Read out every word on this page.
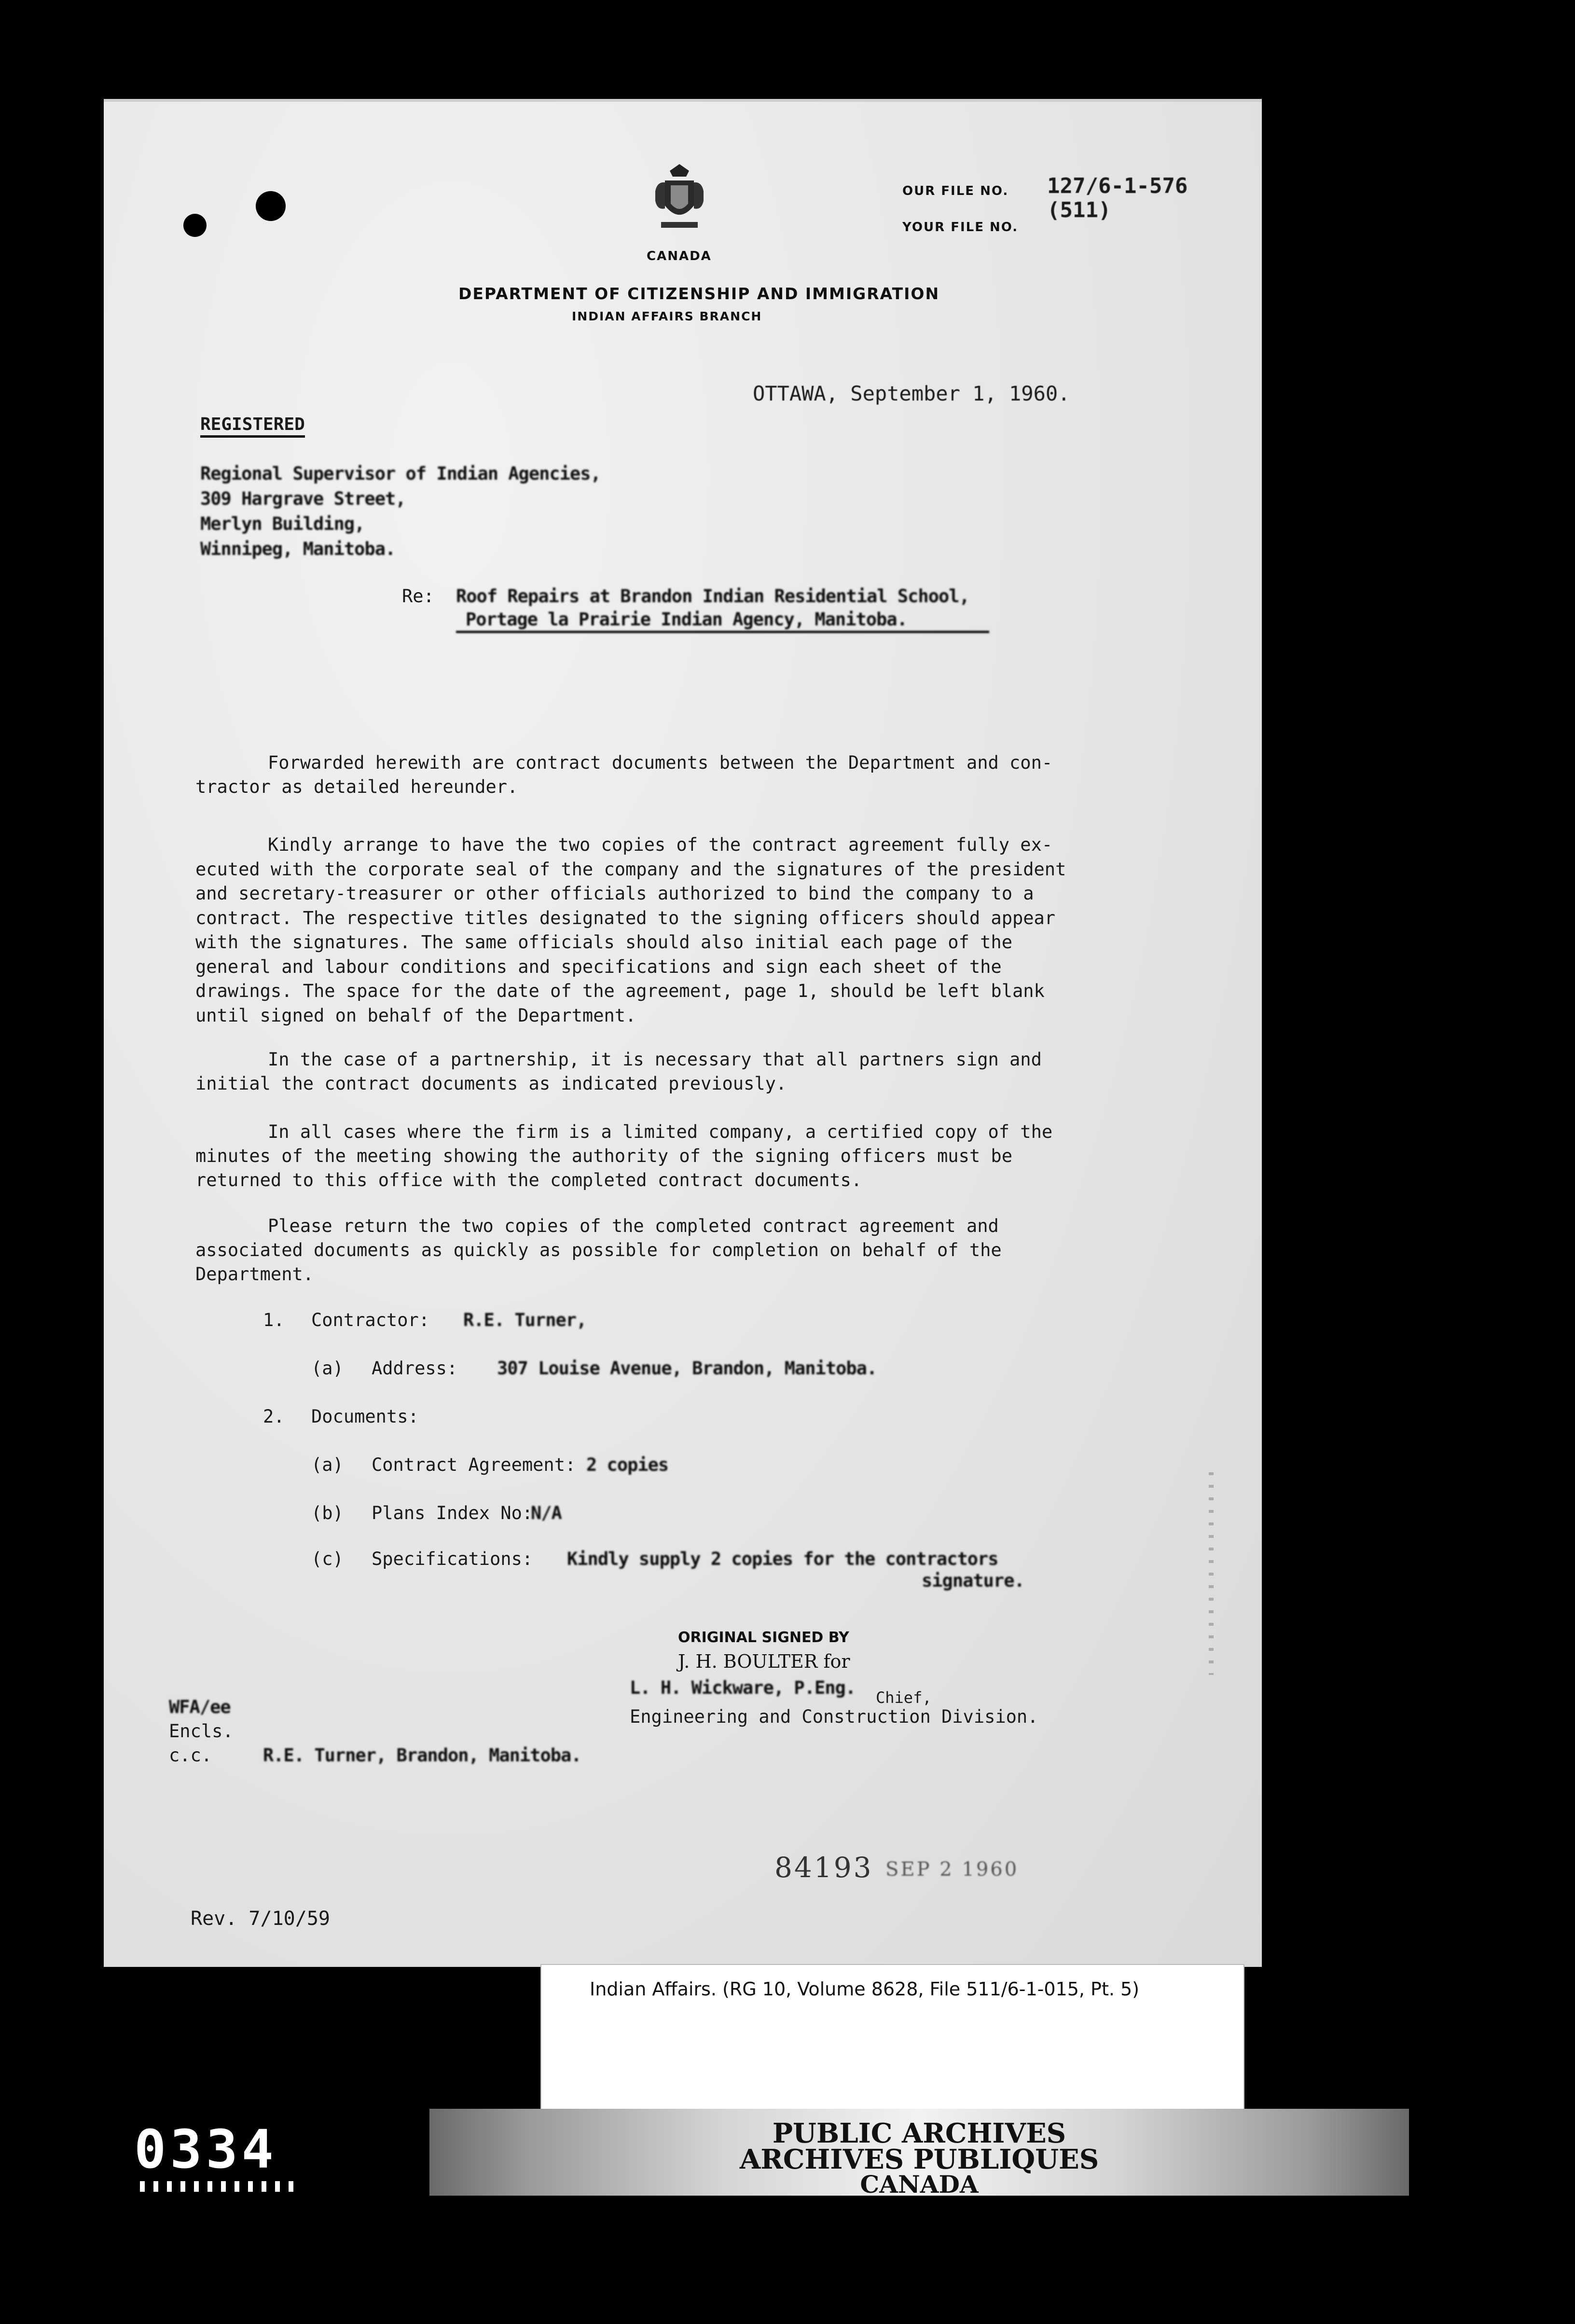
CANADA
DEPARTMENT OF CITIZENSHIP AND IMMIGRATION
INDIAN AFFAIRS BRANCH
OUR FILE NO. 127/6-1-576 (511)
YOUR FILE NO.
OTTAWA, September 1, 1960.
REGISTERED
Regional Supervisor of Indian Agencies,
309 Hargrave Street,
Merlyn Building,
Winnipeg, Manitoba.
Re: Roof Repairs at Brandon Indian Residential School,
Portage la Prairie Indian Agency, Manitoba.
Forwarded herewith are contract documents between the Department and con-
tractor as detailed hereunder.
Kindly arrange to have the two copies of the contract agreement fully ex-
ecuted with the corporate seal of the company and the signatures of the president
and secretary-treasurer or other officials authorized to bind the company to a
contract. The respective titles designated to the signing officers should appear
with the signatures. The same officials should also initial each page of the
general and labour conditions and specifications and sign each sheet of the
drawings. The space for the date of the agreement, page 1, should be left blank
until signed on behalf of the Department.
In the case of a partnership, it is necessary that all partners sign and
initial the contract documents as indicated previously.
In all cases where the firm is a limited company, a certified copy of the
minutes of the meeting showing the authority of the signing officers must be
returned to this office with the completed contract documents.
Please return the two copies of the completed contract agreement and
associated documents as quickly as possible for completion on behalf of the
Department.
1. Contractor: R.E. Turner,
(a) Address: 307 Louise Avenue, Brandon, Manitoba.
2. Documents:
(a) Contract Agreement: 2 copies
(b) Plans Index No:
N/A
(c) Specifications: Kindly supply 2 copies for the contractors
signature.
ORIGINAL SIGNED BY
J. H. BOULTER for
L. H. Wickware, P.Eng. Chief,
Engineering and Construction Division.
WFA/ee
Encls.
c.c.	R.E. Turner, Brandon, Manitoba.
84193 SEP 2 1960
Rev. 7/10/59
Indian Affairs. (RG 10, Volume 8628, File 511/6-1-015, Pt. 5)
0334	PUBLIC ARCHIVES
ARCHIVES PUBLIQUES
CANADA
